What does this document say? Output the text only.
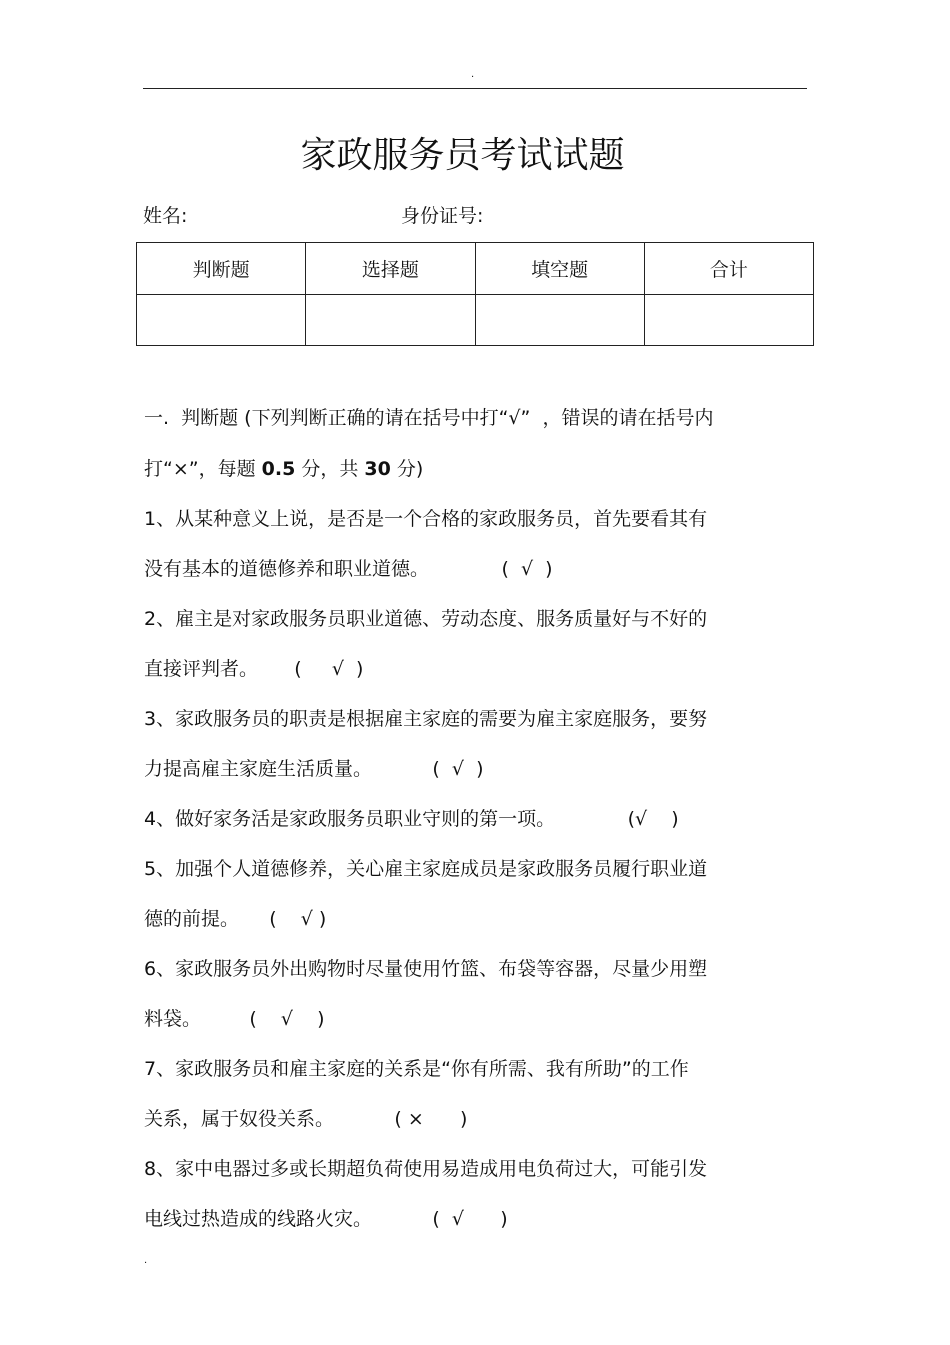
.
家政服务员考试试题
姓名:	身份证号:
判断题	选择题	填空题	合计

一.  判断题 (下列判断正确的请在括号中打“√”  ，错误的请在括号内
打“×”，每题 0.5 分，共 30 分)
1、从某种意义上说，是否是一个合格的家政服务员，首先要看其有
没有基本的道德修养和职业道德。            (  √  )
2、雇主是对家政服务员职业道德、劳动态度、服务质量好与不好的
直接评判者。      (     √  )
3、家政服务员的职责是根据雇主家庭的需要为雇主家庭服务，要努
力提高雇主家庭生活质量。          (  √  )
4、做好家务活是家政服务员职业守则的第一项。            (√    )
5、加强个人道德修养，关心雇主家庭成员是家政服务员履行职业道
德的前提。     (    √ )
6、家政服务员外出购物时尽量使用竹篮、布袋等容器，尽量少用塑
料袋。        (    √    )
7、家政服务员和雇主家庭的关系是“你有所需、我有所助”的工作
关系，属于奴役关系。          ( ×      )
8、家中电器过多或长期超负荷使用易造成用电负荷过大，可能引发
电线过热造成的线路火灾。          (  √      )
.
